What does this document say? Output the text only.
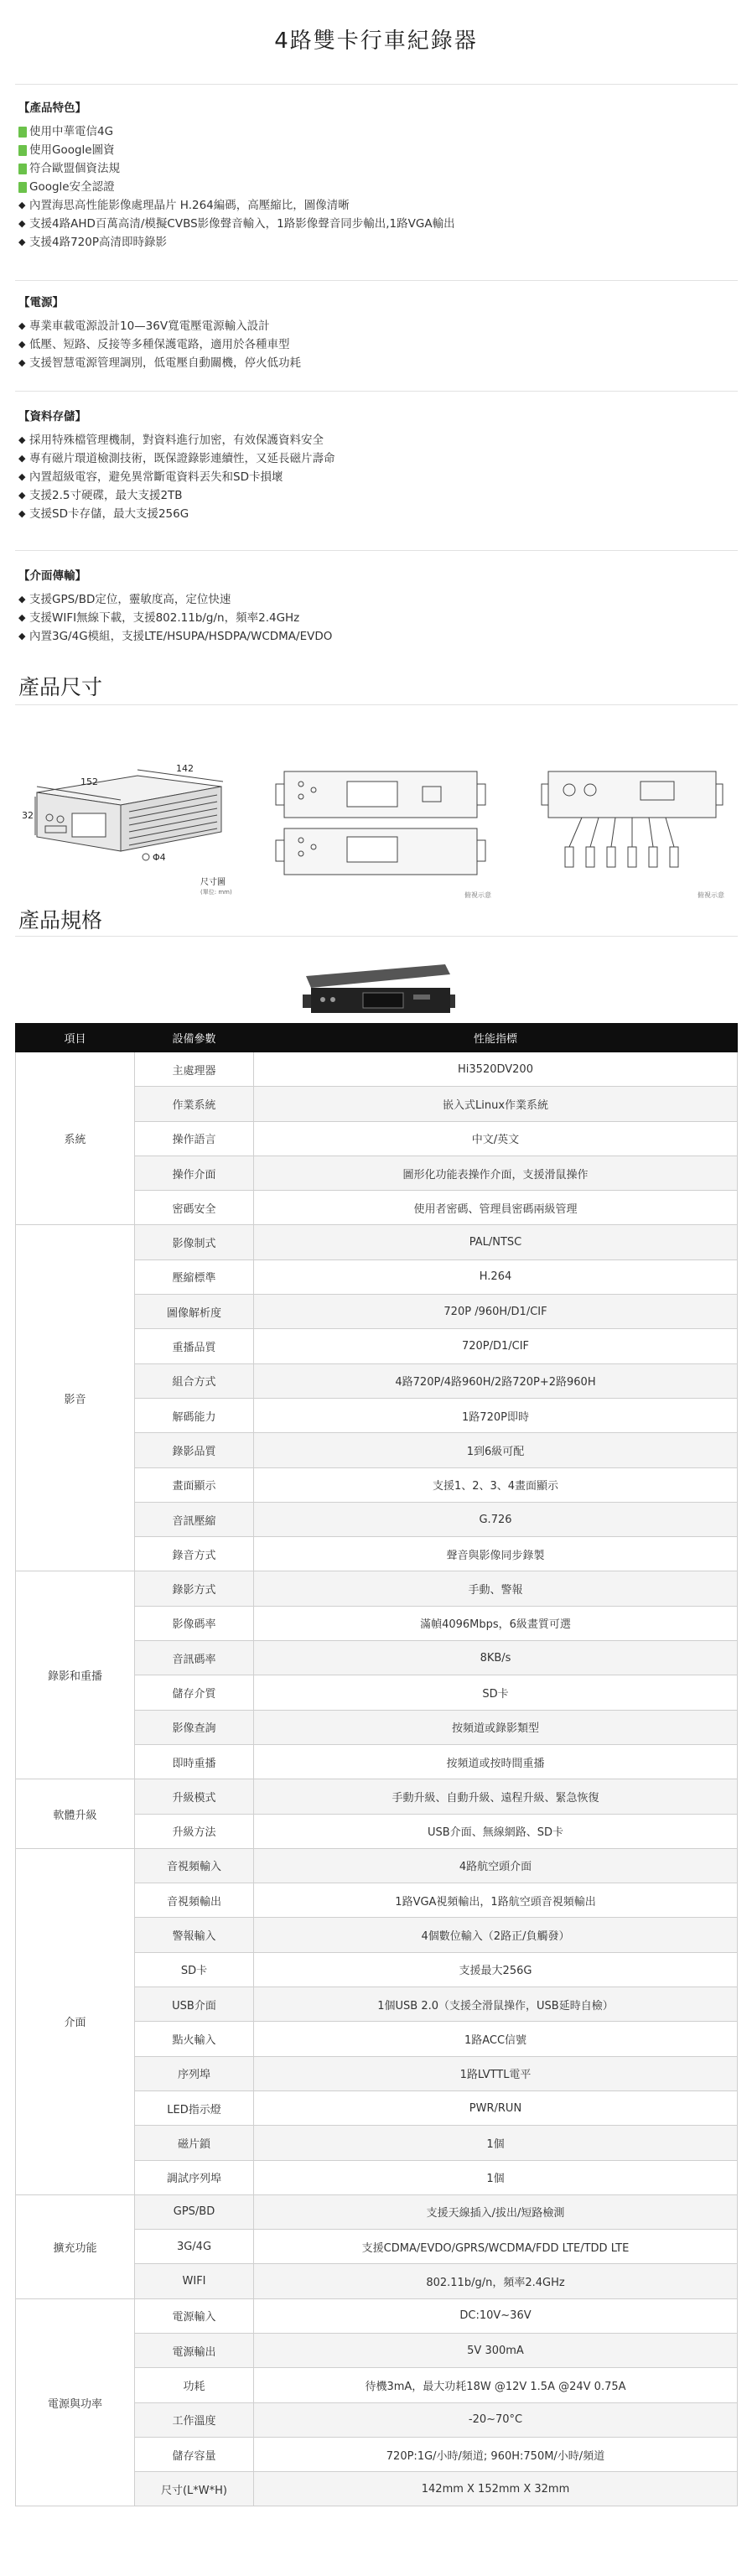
4路雙卡行車紀錄器
【產品特色】
使用中華電信4G
使用Google圖資
符合歐盟個資法規
Google安全認證
◆ 內置海思高性能影像處理晶片 H.264編碼，高壓縮比，圖像清晰
◆ 支援4路AHD百萬高清/模擬CVBS影像聲音輸入，1路影像聲音同步輸出,1路VGA輸出
◆ 支援4路720P高清即時錄影
【電源】
◆ 專業車載電源設計10—36V寬電壓電源輸入設計
◆ 低壓、短路、反接等多種保護電路，適用於各種車型
◆ 支援智慧電源管理調別，低電壓自動關機，停火低功耗
【資料存儲】
◆ 採用特殊檔管理機制，對資料進行加密，有效保護資料安全
◆ 專有磁片環道檢測技術，既保證錄影連續性，又延長磁片壽命
◆ 內置超級電容，避免異常斷電資料丟失和SD卡損壞
◆ 支援2.5寸硬碟，最大支援2TB
◆ 支援SD卡存儲，最大支援256G
【介面傳輸】
◆ 支援GPS/BD定位，靈敏度高，定位快速
◆ 支援WIFI無線下載，支援802.11b/g/n，頻率2.4GHz
◆ 內置3G/4G模組，支援LTE/HSUPA/HSDPA/WCDMA/EVDO
產品尺寸
152
142
32
Φ4
尺寸圖
(單位: mm)	俯視示意	俯視示意
產品規格
項目	設備參數	性能指標
系統	主處理器	Hi3520DV200
	作業系統	嵌入式Linux作業系統
	操作語言	中文/英文
	操作介面	圖形化功能表操作介面，支援滑鼠操作
	密碼安全	使用者密碼、管理員密碼兩級管理
影音	影像制式	PAL/NTSC
	壓縮標準	H.264
	圖像解析度	720P /960H/D1/CIF
	重播品質	720P/D1/CIF
	組合方式	4路720P/4路960H/2路720P+2路960H
	解碼能力	1路720P即時
	錄影品質	1到6級可配
	畫面顯示	支援1、2、3、4畫面顯示
	音訊壓縮	G.726
	錄音方式	聲音與影像同步錄製
錄影和重播	錄影方式	手動、警報
	影像碼率	滿幀4096Mbps，6級畫質可選
	音訊碼率	8KB/s
	儲存介質	SD卡
	影像查詢	按頻道或錄影類型
	即時重播	按頻道或按時間重播
軟體升級	升級模式	手動升級、自動升級、遠程升級、緊急恢復
	升級方法	USB介面、無線網路、SD卡
介面	音視頻輸入	4路航空頭介面
	音視頻輸出	1路VGA視頻輸出，1路航空頭音視頻輸出
	警報輸入	4個數位輸入（2路正/負觸發）
	SD卡	支援最大256G
	USB介面	1個USB 2.0（支援全滑鼠操作，USB延時自檢）
	點火輸入	1路ACC信號
	序列埠	1路LVTTL電平
	LED指示燈	PWR/RUN
	磁片鎖	1個
	調試序列埠	1個
擴充功能	GPS/BD	支援天線插入/拔出/短路檢測
	3G/4G	支援CDMA/EVDO/GPRS/WCDMA/FDD LTE/TDD LTE
	WIFI	802.11b/g/n，頻率2.4GHz
電源與功率	電源輸入	DC:10V~36V
	電源輸出	5V 300mA
	功耗	待機3mA，最大功耗18W @12V 1.5A @24V 0.75A
	工作溫度	-20~70°C
	儲存容量	720P:1G/小時/頻道; 960H:750M/小時/頻道
	尺寸(L*W*H)	142mm X 152mm X 32mm
